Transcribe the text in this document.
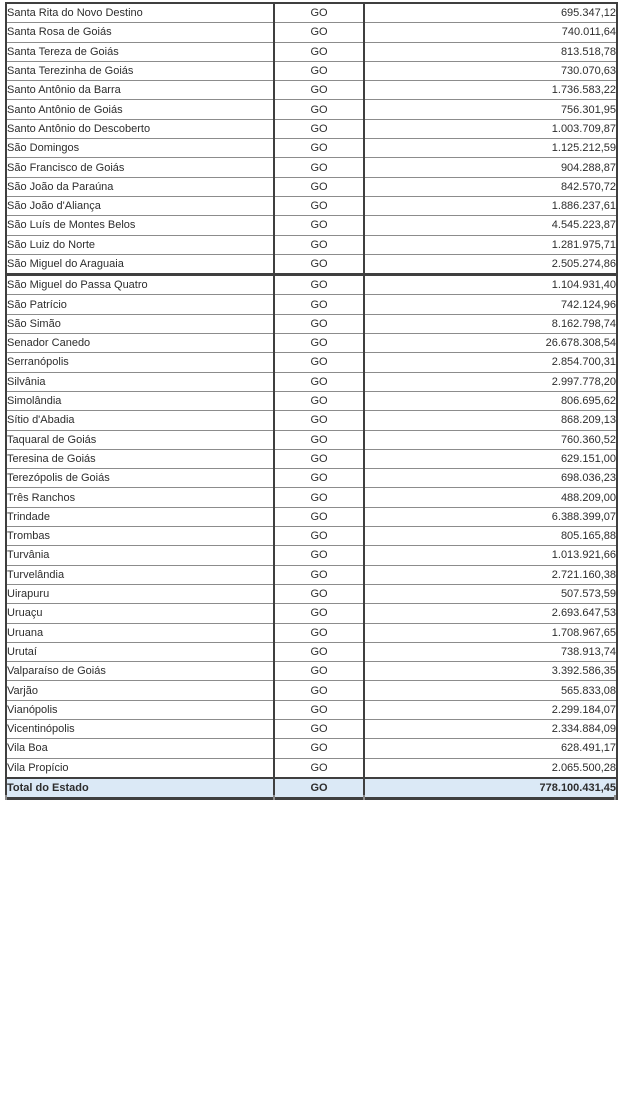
Santa Rita do Novo Destino	GO	695.347,12
Santa Rosa de Goiás	GO	740.011,64
Santa Tereza de Goiás	GO	813.518,78
Santa Terezinha de Goiás	GO	730.070,63
Santo Antônio da Barra	GO	1.736.583,22
Santo Antônio de Goiás	GO	756.301,95
Santo Antônio do Descoberto	GO	1.003.709,87
São Domingos	GO	1.125.212,59
São Francisco de Goiás	GO	904.288,87
São João da Paraúna	GO	842.570,72
São João d'Aliança	GO	1.886.237,61
São Luís de Montes Belos	GO	4.545.223,87
São Luiz do Norte	GO	1.281.975,71
São Miguel do Araguaia	GO	2.505.274,86
São Miguel do Passa Quatro	GO	1.104.931,40
São Patrício	GO	742.124,96
São Simão	GO	8.162.798,74
Senador Canedo	GO	26.678.308,54
Serranópolis	GO	2.854.700,31
Silvânia	GO	2.997.778,20
Simolândia	GO	806.695,62
Sítio d'Abadia	GO	868.209,13
Taquaral de Goiás	GO	760.360,52
Teresina de Goiás	GO	629.151,00
Terezópolis de Goiás	GO	698.036,23
Três Ranchos	GO	488.209,00
Trindade	GO	6.388.399,07
Trombas	GO	805.165,88
Turvânia	GO	1.013.921,66
Turvelândia	GO	2.721.160,38
Uirapuru	GO	507.573,59
Uruaçu	GO	2.693.647,53
Uruana	GO	1.708.967,65
Urutaí	GO	738.913,74
Valparaíso de Goiás	GO	3.392.586,35
Varjão	GO	565.833,08
Vianópolis	GO	2.299.184,07
Vicentinópolis	GO	2.334.884,09
Vila Boa	GO	628.491,17
Vila Propício	GO	2.065.500,28
Total do Estado	GO	778.100.431,45
